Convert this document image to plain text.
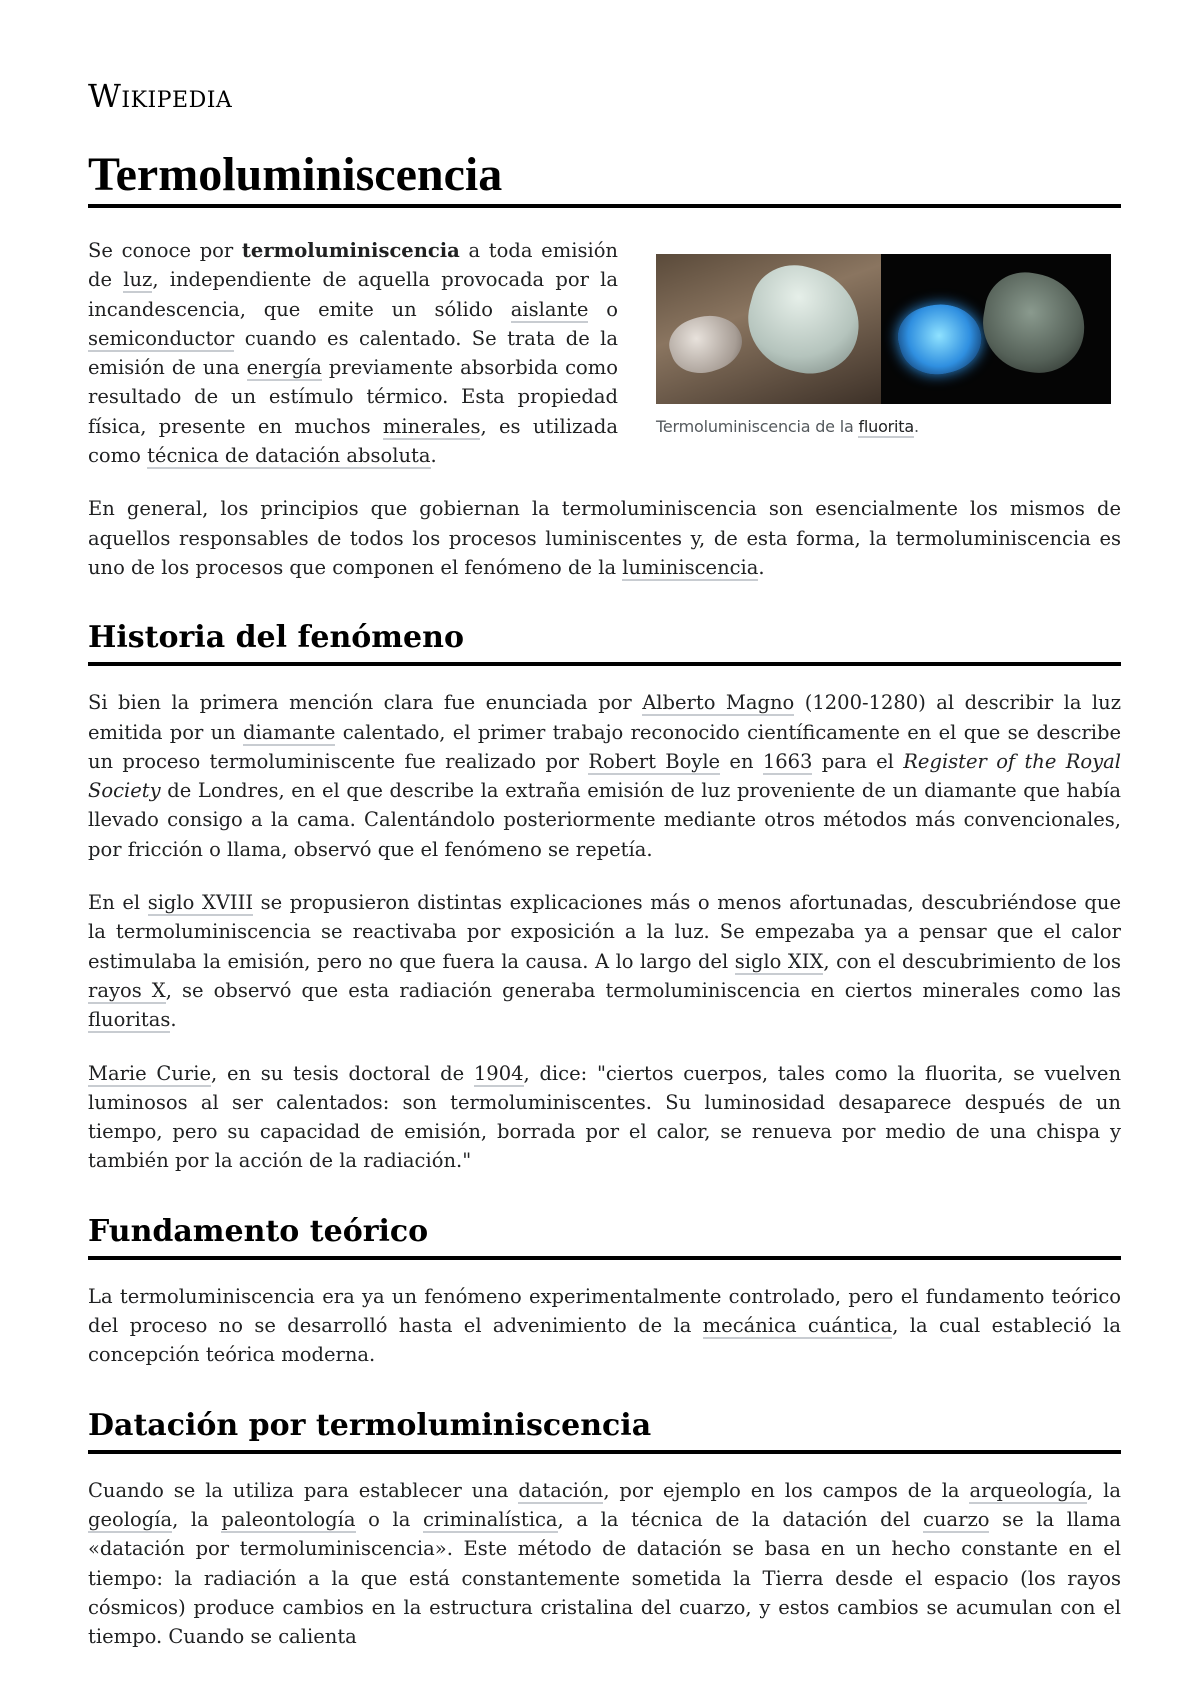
Wikipedia
Termoluminiscencia
Termoluminiscencia de la fluorita.

Se conoce por termoluminiscencia a toda emisión de luz, independiente de aquella provocada por la incandescencia, que emite un sólido aislante o semiconductor cuando es calentado. Se trata de la emisión de una energía previamente absorbida como resultado de un estímulo térmico. Esta propiedad física, presente en muchos minerales, es utilizada como técnica de datación absoluta.

En general, los principios que gobiernan la termoluminiscencia son esencialmente los mismos de aquellos responsables de todos los procesos luminiscentes y, de esta forma, la termoluminiscencia es uno de los procesos que componen el fenómeno de la luminiscencia.

Historia del fenómeno

Si bien la primera mención clara fue enunciada por Alberto Magno (1200-1280) al describir la luz emitida por un diamante calentado, el primer trabajo reconocido científicamente en el que se describe un proceso termoluminiscente fue realizado por Robert Boyle en 1663 para el Register of the Royal Society de Londres, en el que describe la extraña emisión de luz proveniente de un diamante que había llevado consigo a la cama. Calentándolo posteriormente mediante otros métodos más convencionales, por fricción o llama, observó que el fenómeno se repetía.

En el siglo XVIII se propusieron distintas explicaciones más o menos afortunadas, descubriéndose que la termoluminiscencia se reactivaba por exposición a la luz. Se empezaba ya a pensar que el calor estimulaba la emisión, pero no que fuera la causa. A lo largo del siglo XIX, con el descubrimiento de los rayos X, se observó que esta radiación generaba termoluminiscencia en ciertos minerales como las fluoritas.

Marie Curie, en su tesis doctoral de 1904, dice: "ciertos cuerpos, tales como la fluorita, se vuelven luminosos al ser calentados: son termoluminiscentes. Su luminosidad desaparece después de un tiempo, pero su capacidad de emisión, borrada por el calor, se renueva por medio de una chispa y también por la acción de la radiación."

Fundamento teórico

La termoluminiscencia era ya un fenómeno experimentalmente controlado, pero el fundamento teórico del proceso no se desarrolló hasta el advenimiento de la mecánica cuántica, la cual estableció la concepción teórica moderna.

Datación por termoluminiscencia

Cuando se la utiliza para establecer una datación, por ejemplo en los campos de la arqueología, la geología, la paleontología o la criminalística, a la técnica de la datación del cuarzo se la llama «datación por termoluminiscencia». Este método de datación se basa en un hecho constante en el tiempo: la radiación a la que está constantemente sometida la Tierra desde el espacio (los rayos cósmicos) produce cambios en la estructura cristalina del cuarzo, y estos cambios se acumulan con el tiempo. Cuando se calienta
